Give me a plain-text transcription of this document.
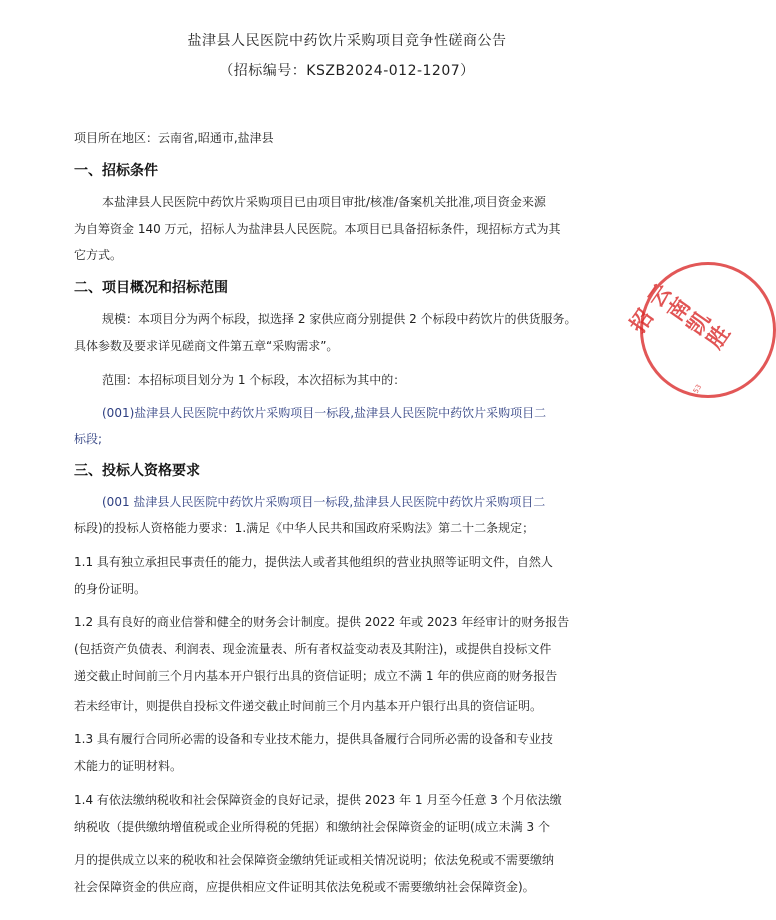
盐津县人民医院中药饮片采购项目竞争性磋商公告
（招标编号：KSZB2024-012-1207）
项目所在地区：云南省,昭通市,盐津县
一、招标条件
本盐津县人民医院中药饮片采购项目已由项目审批/核准/备案机关批准,项目资金来源
为自筹资金 140 万元，招标人为盐津县人民医院。本项目已具备招标条件，现招标方式为其
它方式。
二、项目概况和招标范围
规模：本项目分为两个标段，拟选择 2 家供应商分别提供 2 个标段中药饮片的供货服务。
具体参数及要求详见磋商文件第五章“采购需求”。
范围：本招标项目划分为 1 个标段，本次招标为其中的：
(001)盐津县人民医院中药饮片采购项目一标段,盐津县人民医院中药饮片采购项目二
标段;
三、投标人资格要求
(001 盐津县人民医院中药饮片采购项目一标段,盐津县人民医院中药饮片采购项目二
标段)的投标人资格能力要求：1.满足《中华人民共和国政府采购法》第二十二条规定；
1.1 具有独立承担民事责任的能力，提供法人或者其他组织的营业执照等证明文件，自然人
的身份证明。
1.2 具有良好的商业信誉和健全的财务会计制度。提供 2022 年或 2023 年经审计的财务报告
(包括资产负债表、利润表、现金流量表、所有者权益变动表及其附注)，或提供自投标文件
递交截止时间前三个月内基本开户银行出具的资信证明；成立不满 1 年的供应商的财务报告
若未经审计，则提供自投标文件递交截止时间前三个月内基本开户银行出具的资信证明。
1.3 具有履行合同所必需的设备和专业技术能力，提供具备履行合同所必需的设备和专业技
术能力的证明材料。
1.4 有依法缴纳税收和社会保障资金的良好记录，提供 2023 年 1 月至今任意 3 个月依法缴
纳税收（提供缴纳增值税或企业所得税的凭据）和缴纳社会保障资金的证明(成立未满 3 个
月的提供成立以来的税收和社会保障资金缴纳凭证或相关情况说明；依法免税或不需要缴纳
社会保障资金的供应商，应提供相应文件证明其依法免税或不需要缴纳社会保障资金)。
云南凯胜招
53
